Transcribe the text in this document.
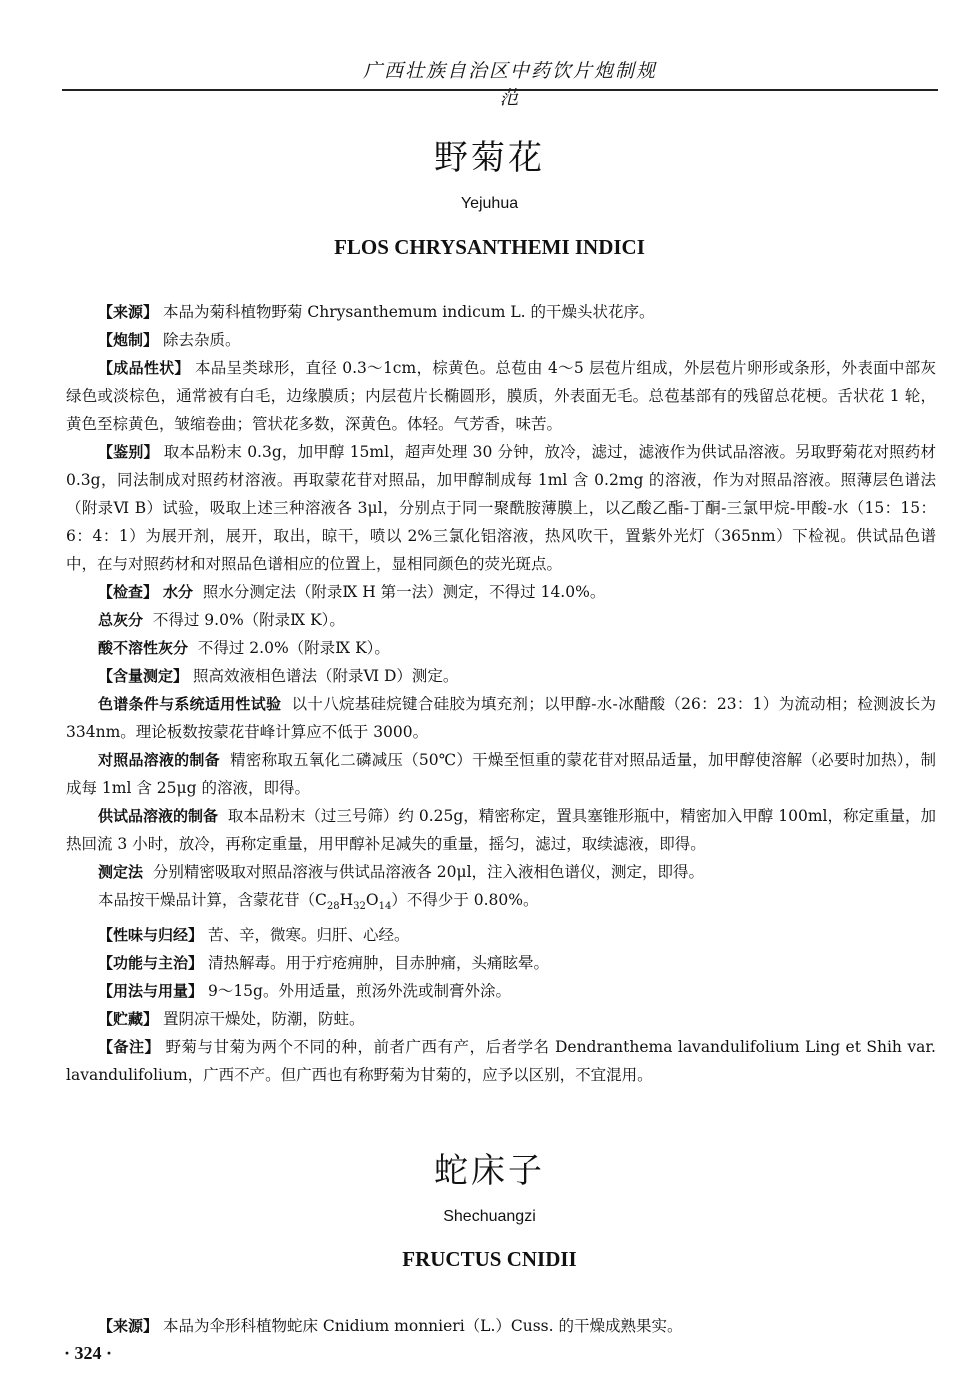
广西壮族自治区中药饮片炮制规范
野菊花
Yejuhua
FLOS CHRYSANTHEMI INDICI

【来源】 本品为菊科植物野菊 Chrysanthemum indicum L. 的干燥头状花序。

【炮制】 除去杂质。

【成品性状】 本品呈类球形，直径 0.3～1cm，棕黄色。总苞由 4～5 层苞片组成，外层苞片卵形或条形，外表面中部灰绿色或淡棕色，通常被有白毛，边缘膜质；内层苞片长椭圆形，膜质，外表面无毛。总苞基部有的残留总花梗。舌状花 1 轮，黄色至棕黄色，皱缩卷曲；管状花多数，深黄色。体轻。气芳香，味苦。

【鉴别】 取本品粉末 0.3g，加甲醇 15ml，超声处理 30 分钟，放冷，滤过，滤液作为供试品溶液。另取野菊花对照药材 0.3g，同法制成对照药材溶液。再取蒙花苷对照品，加甲醇制成每 1ml 含 0.2mg 的溶液，作为对照品溶液。照薄层色谱法（附录Ⅵ B）试验，吸取上述三种溶液各 3μl，分别点于同一聚酰胺薄膜上，以乙酸乙酯-丁酮-三氯甲烷-甲酸-水（15：15：6：4：1）为展开剂，展开，取出，晾干，喷以 2%三氯化铝溶液，热风吹干，置紫外光灯（365nm）下检视。供试品色谱中，在与对照药材和对照品色谱相应的位置上，显相同颜色的荧光斑点。

【检查】 水分 照水分测定法（附录Ⅸ H 第一法）测定，不得过 14.0%。

总灰分 不得过 9.0%（附录Ⅸ K）。

酸不溶性灰分 不得过 2.0%（附录Ⅸ K）。

【含量测定】 照高效液相色谱法（附录Ⅵ D）测定。

色谱条件与系统适用性试验 以十八烷基硅烷键合硅胶为填充剂；以甲醇-水-冰醋酸（26：23：1）为流动相；检测波长为 334nm。理论板数按蒙花苷峰计算应不低于 3000。

对照品溶液的制备 精密称取五氧化二磷减压（50℃）干燥至恒重的蒙花苷对照品适量，加甲醇使溶解（必要时加热），制成每 1ml 含 25μg 的溶液，即得。

供试品溶液的制备 取本品粉末（过三号筛）约 0.25g，精密称定，置具塞锥形瓶中，精密加入甲醇 100ml，称定重量，加热回流 3 小时，放冷，再称定重量，用甲醇补足减失的重量，摇匀，滤过，取续滤液，即得。

测定法 分别精密吸取对照品溶液与供试品溶液各 20μl，注入液相色谱仪，测定，即得。

本品按干燥品计算，含蒙花苷$(C_{28}H_{32}O_{14})$不得少于 0.80%。

【性味与归经】 苦、辛，微寒。归肝、心经。

【功能与主治】 清热解毒。用于疔疮痈肿，目赤肿痛，头痛眩晕。

【用法与用量】 9～15g。外用适量，煎汤外洗或制膏外涂。

【贮藏】 置阴凉干燥处，防潮，防蛀。

【备注】 野菊与甘菊为两个不同的种，前者广西有产，后者学名 Dendranthema lavandulifolium Ling et Shih var. lavandulifolium，广西不产。但广西也有称野菊为甘菊的，应予以区别，不宜混用。

蛇床子
Shechuangzi
FRUCTUS CNIDII

【来源】 本品为伞形科植物蛇床 Cnidium monnieri（L.）Cuss. 的干燥成熟果实。

· 324 ·
